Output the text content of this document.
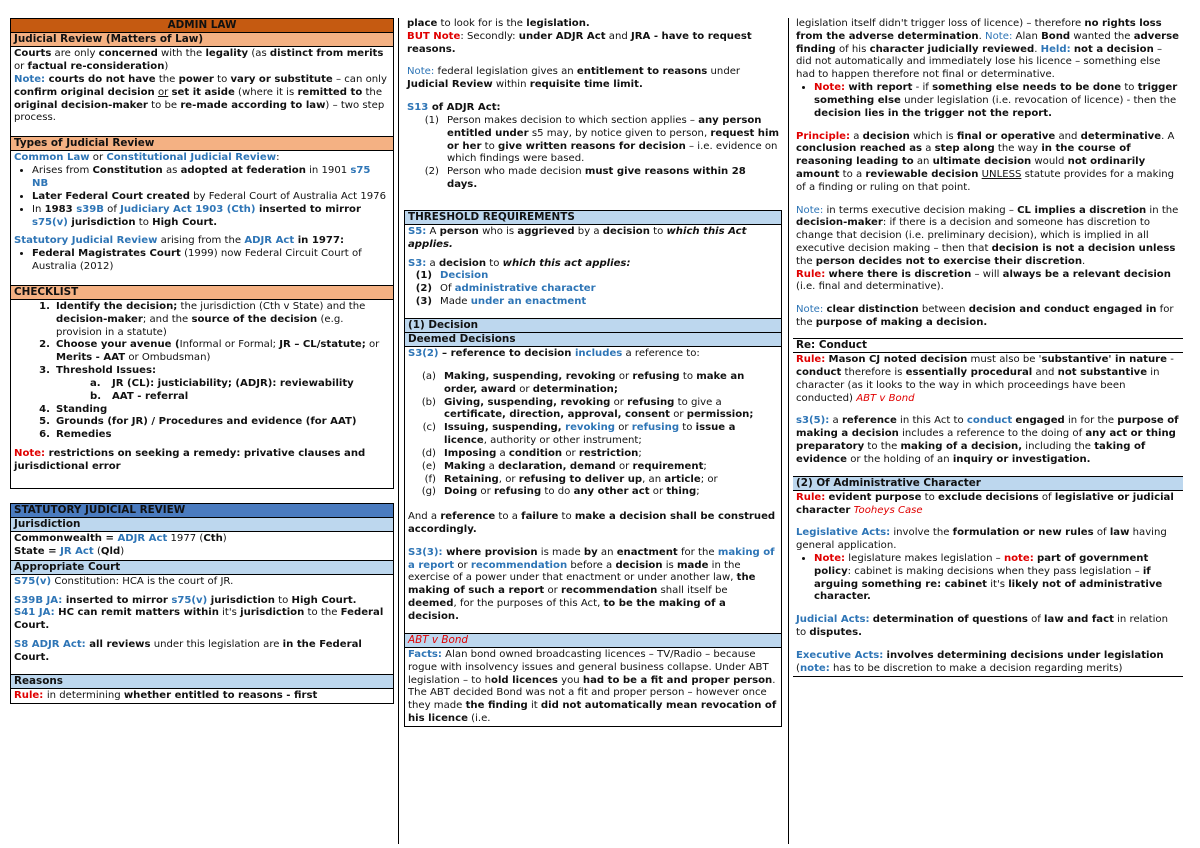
ADMIN LAW
Judicial Review (Matters of Law)

Courts are only concerned with the legality (as distinct from merits or factual re-consideration)

Note: courts do not have the power to vary or substitute – can only confirm original decision or set it aside (where it is remitted to the original decision-maker to be re-made according to law) – two step process.

Types of Judicial Review

Common Law or Constitutional Judicial Review:

• Arises from Constitution as adopted at federation in 1901 s75 NB
• Later Federal Court created by Federal Court of Australia Act 1976
• In 1983 s39B of Judiciary Act 1903 (Cth) inserted to mirror s75(v) jurisdiction to High Court.

Statutory Judicial Review arising from the ADJR Act in 1977:

• Federal Magistrates Court (1999) now Federal Circuit Court of Australia (2012)
CHECKLIST
1. Identify the decision; the jurisdiction (Cth v State) and the decision-maker; and the source of the decision (e.g. provision in a statute)
2. Choose your avenue (Informal or Formal; JR – CL/statute; or Merits - AAT or Ombudsman)
3. Threshold Issues:
a.	JR (CL): justiciability; (ADJR): reviewability
b.	AAT - referral
4. Standing
5. Grounds (for JR) / Procedures and evidence (for AAT)
6. Remedies

Note: restrictions on seeking a remedy: privative clauses and jurisdictional error

STATUTORY JUDICIAL REVIEW
Jurisdiction

Commonwealth = ADJR Act 1977 (Cth)

State = JR Act (Qld)

Appropriate Court

S75(v) Constitution: HCA is the court of JR.

S39B JA: inserted to mirror s75(v) jurisdiction to High Court.

S41 JA: HC can remit matters within it's jurisdiction to the Federal Court.

S8 ADJR Act: all reviews under this legislation are in the Federal Court.

Reasons

Rule: in determining whether entitled to reasons - first

place to look for is the legislation.

BUT Note: Secondly: under ADJR Act and JRA - have to request reasons.

Note: federal legislation gives an entitlement to reasons under Judicial Review within requisite time limit.

S13 of ADJR Act:

(1) Person makes decision to which section applies – any person entitled under s5 may, by notice given to person, request him or her to give written reasons for decision – i.e. evidence on which findings were based.
(2) Person who made decision must give reasons within 28 days.
THRESHOLD REQUIREMENTS

S5: A person who is aggrieved by a decision to which this Act applies.

S3: a decision to which this act applies:

(1) Decision
(2) Of administrative character
(3) Made under an enactment
(1) Decision
Deemed Decisions

S3(2) – reference to decision includes a reference to:

(a) Making, suspending, revoking or refusing to make an order, award or determination;
(b) Giving, suspending, revoking or refusing to give a certificate, direction, approval, consent or permission;
(c) Issuing, suspending, revoking or refusing to issue a licence, authority or other instrument;
(d) Imposing a condition or restriction;
(e) Making a declaration, demand or requirement;
(f) Retaining, or refusing to deliver up, an article; or
(g) Doing or refusing to do any other act or thing;

And a reference to a failure to make a decision shall be construed accordingly.

S3(3): where provision is made by an enactment for the making of a report or recommendation before a decision is made in the exercise of a power under that enactment or under another law, the making of such a report or recommendation shall itself be deemed, for the purposes of this Act, to be the making of a decision.

ABT v Bond

Facts: Alan bond owned broadcasting licences – TV/Radio – because rogue with insolvency issues and general business collapse. Under ABT legislation – to hold licences you had to be a fit and proper person. The ABT decided Bond was not a fit and proper person – however once they made the finding it did not automatically mean revocation of his licence (i.e.

legislation itself didn't trigger loss of licence) – therefore no rights loss from the adverse determination. Note: Alan Bond wanted the adverse finding of his character judicially reviewed. Held: not a decision – did not automatically and immediately lose his licence – something else had to happen therefore not final or determinative.

• Note: with report - if something else needs to be done to trigger something else under legislation (i.e. revocation of licence) - then the decision lies in the trigger not the report.

Principle: a decision which is final or operative and determinative. A conclusion reached as a step along the way in the course of reasoning leading to an ultimate decision would not ordinarily amount to a reviewable decision UNLESS statute provides for a making of a finding or ruling on that point.

Note: in terms executive decision making – CL implies a discretion in the decision-maker: if there is a decision and someone has discretion to change that decision (i.e. preliminary decision), which is implied in all executive decision making – then that decision is not a decision unless the person decides not to exercise their discretion.

Rule: where there is discretion – will always be a relevant decision (i.e. final and determinative).

Note: clear distinction between decision and conduct engaged in for the purpose of making a decision.

Re: Conduct

Rule: Mason CJ noted decision must also be 'substantive' in nature - conduct therefore is essentially procedural and not substantive in character (as it looks to the way in which proceedings have been conducted) ABT v Bond

s3(5): a reference in this Act to conduct engaged in for the purpose of making a decision includes a reference to the doing of any act or thing preparatory to the making of a decision, including the taking of evidence or the holding of an inquiry or investigation.

(2) Of Administrative Character

Rule: evident purpose to exclude decisions of legislative or judicial character Tooheys Case

Legislative Acts: involve the formulation or new rules of law having general application.

• Note: legislature makes legislation – note: part of government policy: cabinet is making decisions when they pass legislation – if arguing something re: cabinet it's likely not of administrative character.

Judicial Acts: determination of questions of law and fact in relation to disputes.

Executive Acts: involves determining decisions under legislation (note: has to be discretion to make a decision regarding merits)
